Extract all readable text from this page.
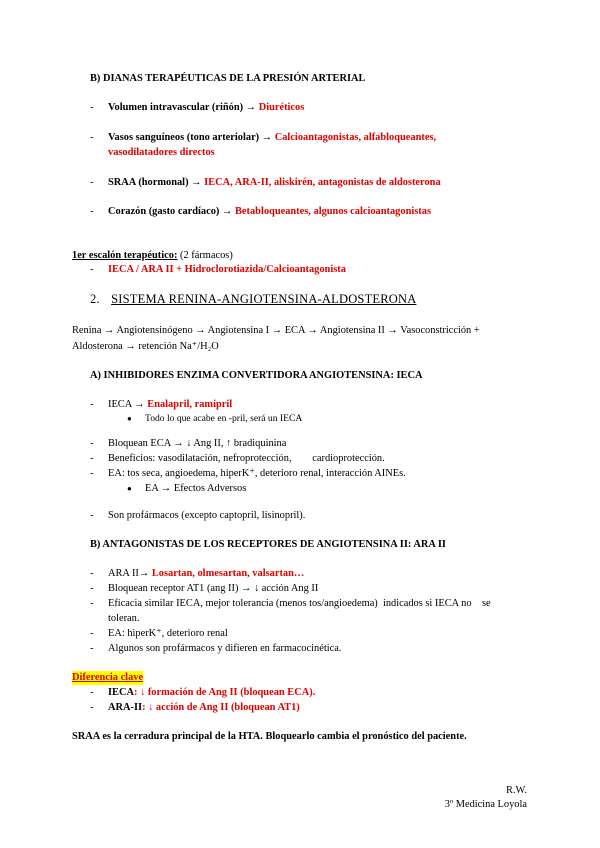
B) DIANAS TERAPÉUTICAS DE LA PRESIÓN ARTERIAL
- Volumen intravascular (riñón) → Diuréticos
- Vasos sanguíneos (tono arteriolar) → Calcioantagonistas, alfabloqueantes,
vasodilatadores directos
- SRAA (hormonal) → IECA, ARA-II, aliskirén, antagonistas de aldosterona
- Corazón (gasto cardíaco) → Betabloqueantes, algunos calcioantagonistas
1er escalón terapéutico: (2 fármacos)
- IECA / ARA II + Hidroclorotiazida/Calcioantagonista
2. SISTEMA RENINA-ANGIOTENSINA-ALDOSTERONA
Renina → Angiotensinógeno → Angiotensina I → ECA → Angiotensina II → Vasoconstricción +
Aldosterona → retención Na⁺/H₂O
A) INHIBIDORES ENZIMA CONVERTIDORA ANGIOTENSINA: IECA
- IECA → Enalapril, ramipril
● Todo lo que acabe en -pril, será un IECA
- Bloquean ECA → ↓ Ang II, ↑ bradiquinina
- Beneficios: vasodilatación, nefroprotección,        cardioprotección.
- EA: tos seca, angioedema, hiperK⁺, deterioro renal, interacción AINEs.
● EA → Efectos Adversos
- Son profármacos (excepto captopril, lisinopril).
B) ANTAGONISTAS DE LOS RECEPTORES DE ANGIOTENSINA II: ARA II
- ARA II→ Losartan, olmesartan, valsartan…
- Bloquean receptor AT1 (ang II) → ↓ acción Ang II
- Eficacia similar IECA, mejor tolerancia (menos tos/angioedema)  indicados si IECA no    se
toleran.
- EA: hiperK⁺, deterioro renal
- Algunos son profármacos y difieren en farmacocinética.
Diferencia clave
- IECA: ↓ formación de Ang II (bloquean ECA).
- ARA-II: ↓ acción de Ang II (bloquean AT1)
SRAA es la cerradura principal de la HTA. Bloquearlo cambia el pronóstico del paciente.
R.W.
3º Medicina Loyola
